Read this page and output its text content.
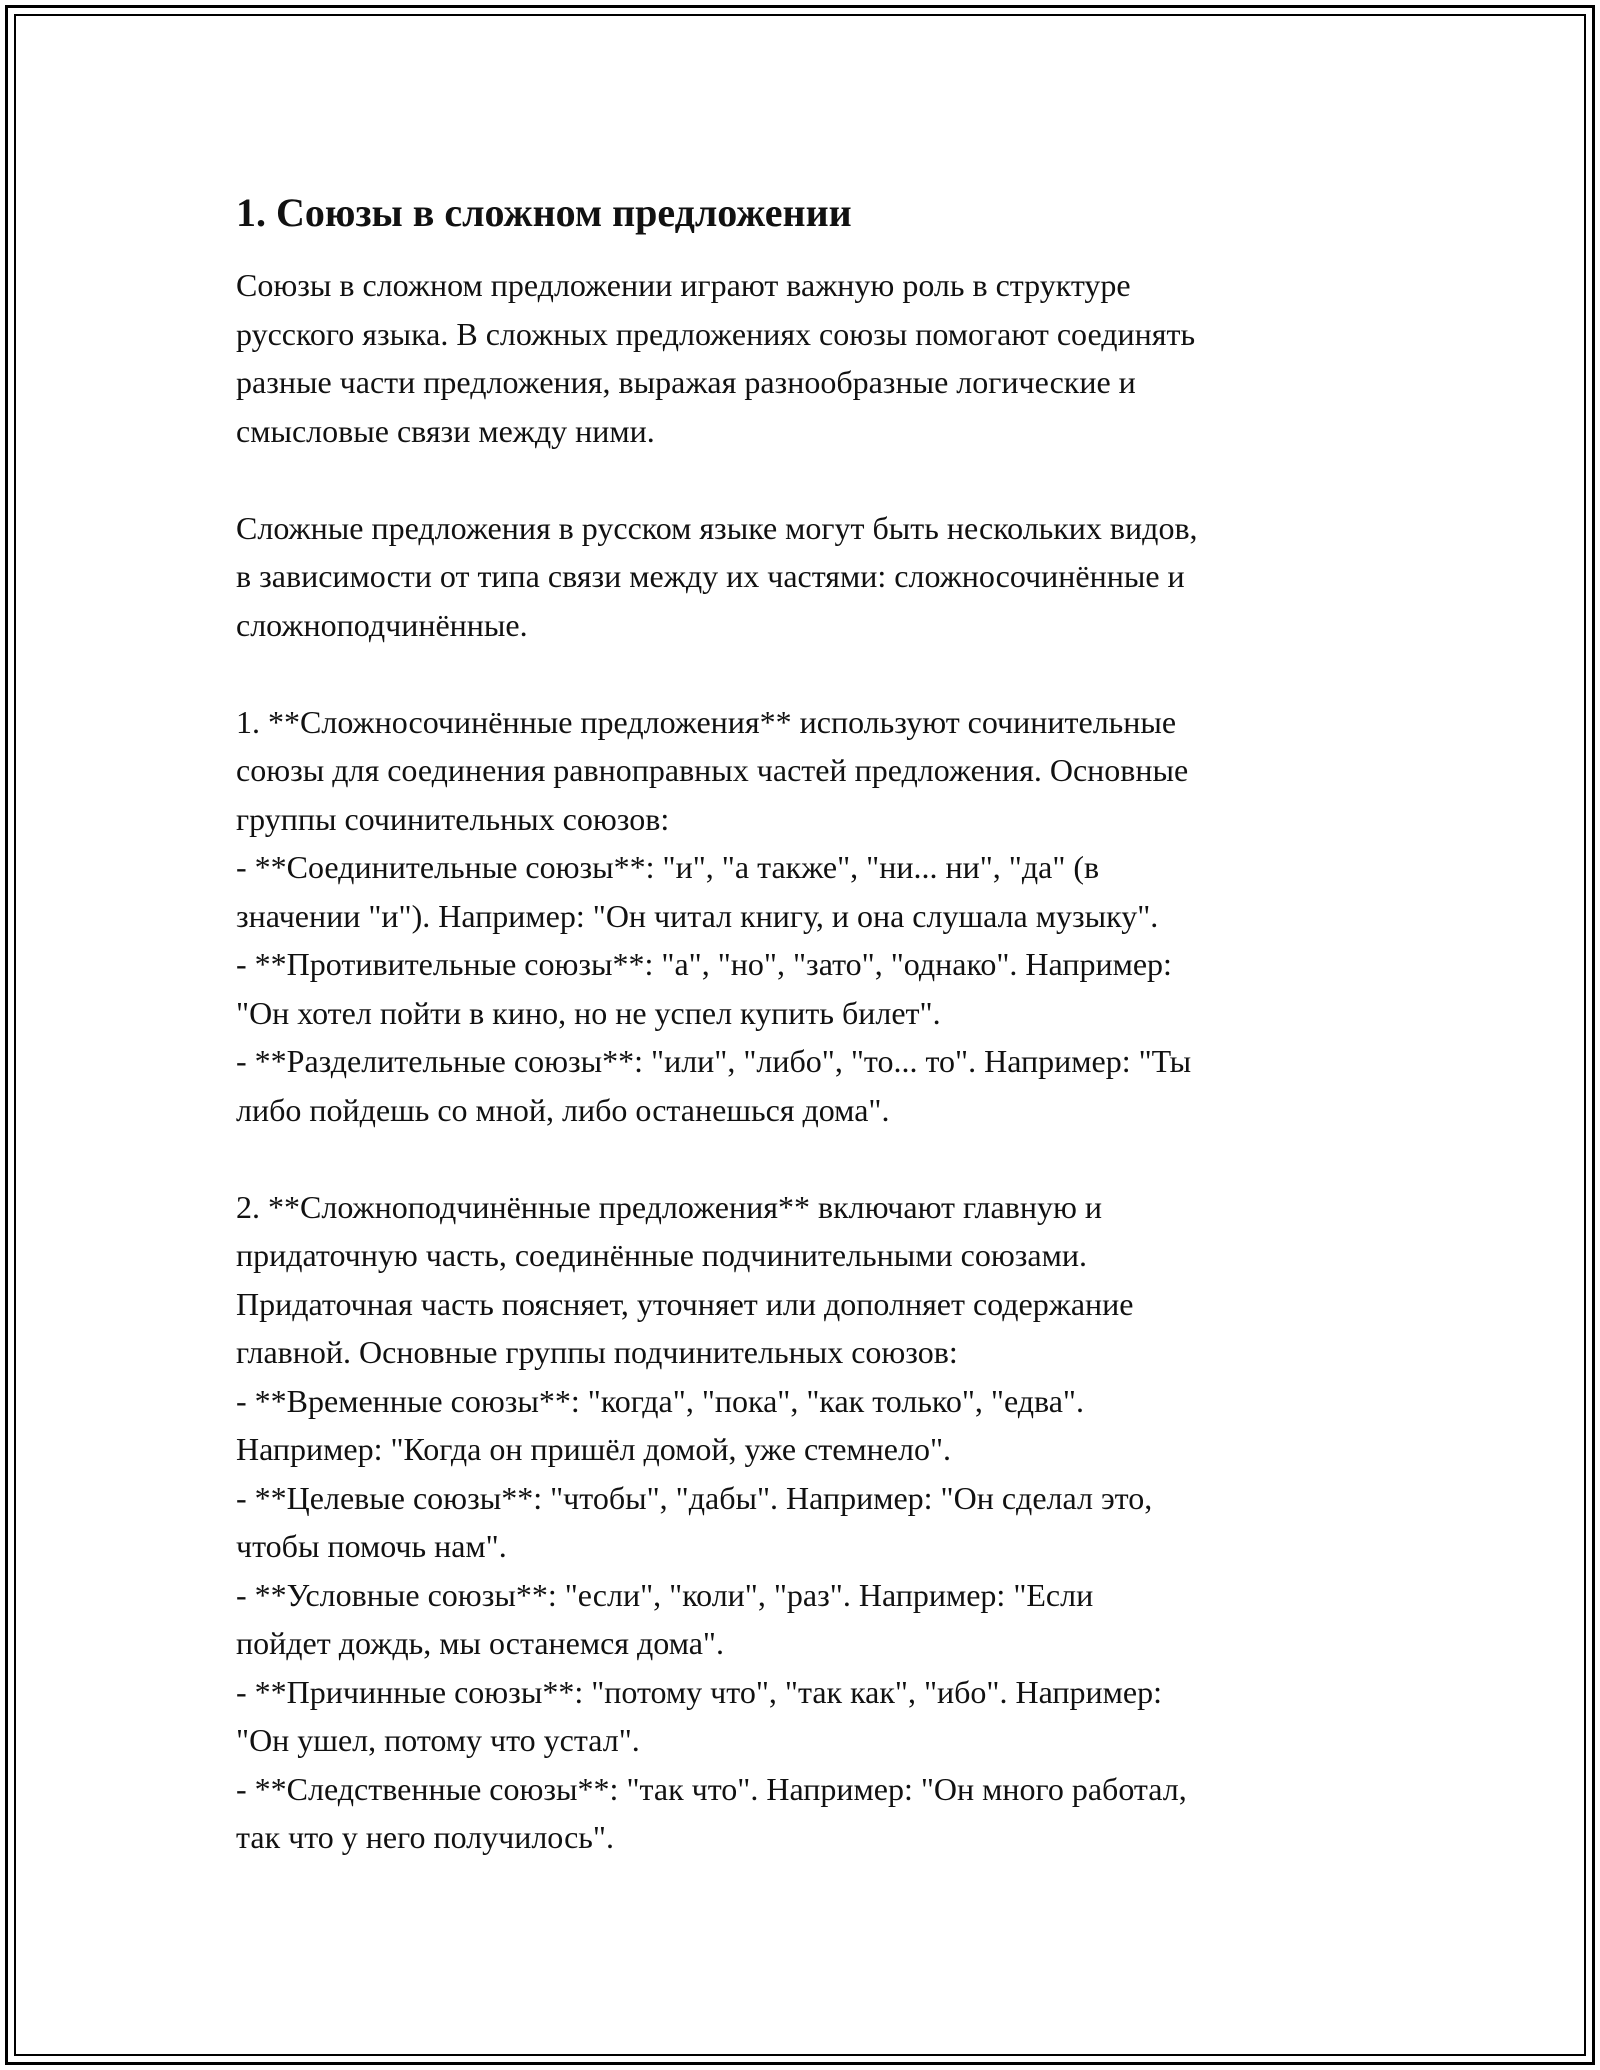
1. Союзы в сложном предложении

Союзы в сложном предложении играют важную роль в структуре
русского языка. В сложных предложениях союзы помогают соединять
разные части предложения, выражая разнообразные логические и
смысловые связи между ними.

Сложные предложения в русском языке могут быть нескольких видов,
в зависимости от типа связи между их частями: сложносочинённые и
сложноподчинённые.

1. **Сложносочинённые предложения** используют сочинительные
союзы для соединения равноправных частей предложения. Основные
группы сочинительных союзов:
- **Соединительные союзы**: "и", "а также", "ни... ни", "да" (в
значении "и"). Например: "Он читал книгу, и она слушала музыку".
- **Противительные союзы**: "а", "но", "зато", "однако". Например:
"Он хотел пойти в кино, но не успел купить билет".
- **Разделительные союзы**: "или", "либо", "то... то". Например: "Ты
либо пойдешь со мной, либо останешься дома".

2. **Сложноподчинённые предложения** включают главную и
придаточную часть, соединённые подчинительными союзами.
Придаточная часть поясняет, уточняет или дополняет содержание
главной. Основные группы подчинительных союзов:
- **Временные союзы**: "когда", "пока", "как только", "едва".
Например: "Когда он пришёл домой, уже стемнело".
- **Целевые союзы**: "чтобы", "дабы". Например: "Он сделал это,
чтобы помочь нам".
- **Условные союзы**: "если", "коли", "раз". Например: "Если
пойдет дождь, мы останемся дома".
- **Причинные союзы**: "потому что", "так как", "ибо". Например:
"Он ушел, потому что устал".
- **Следственные союзы**: "так что". Например: "Он много работал,
так что у него получилось".
